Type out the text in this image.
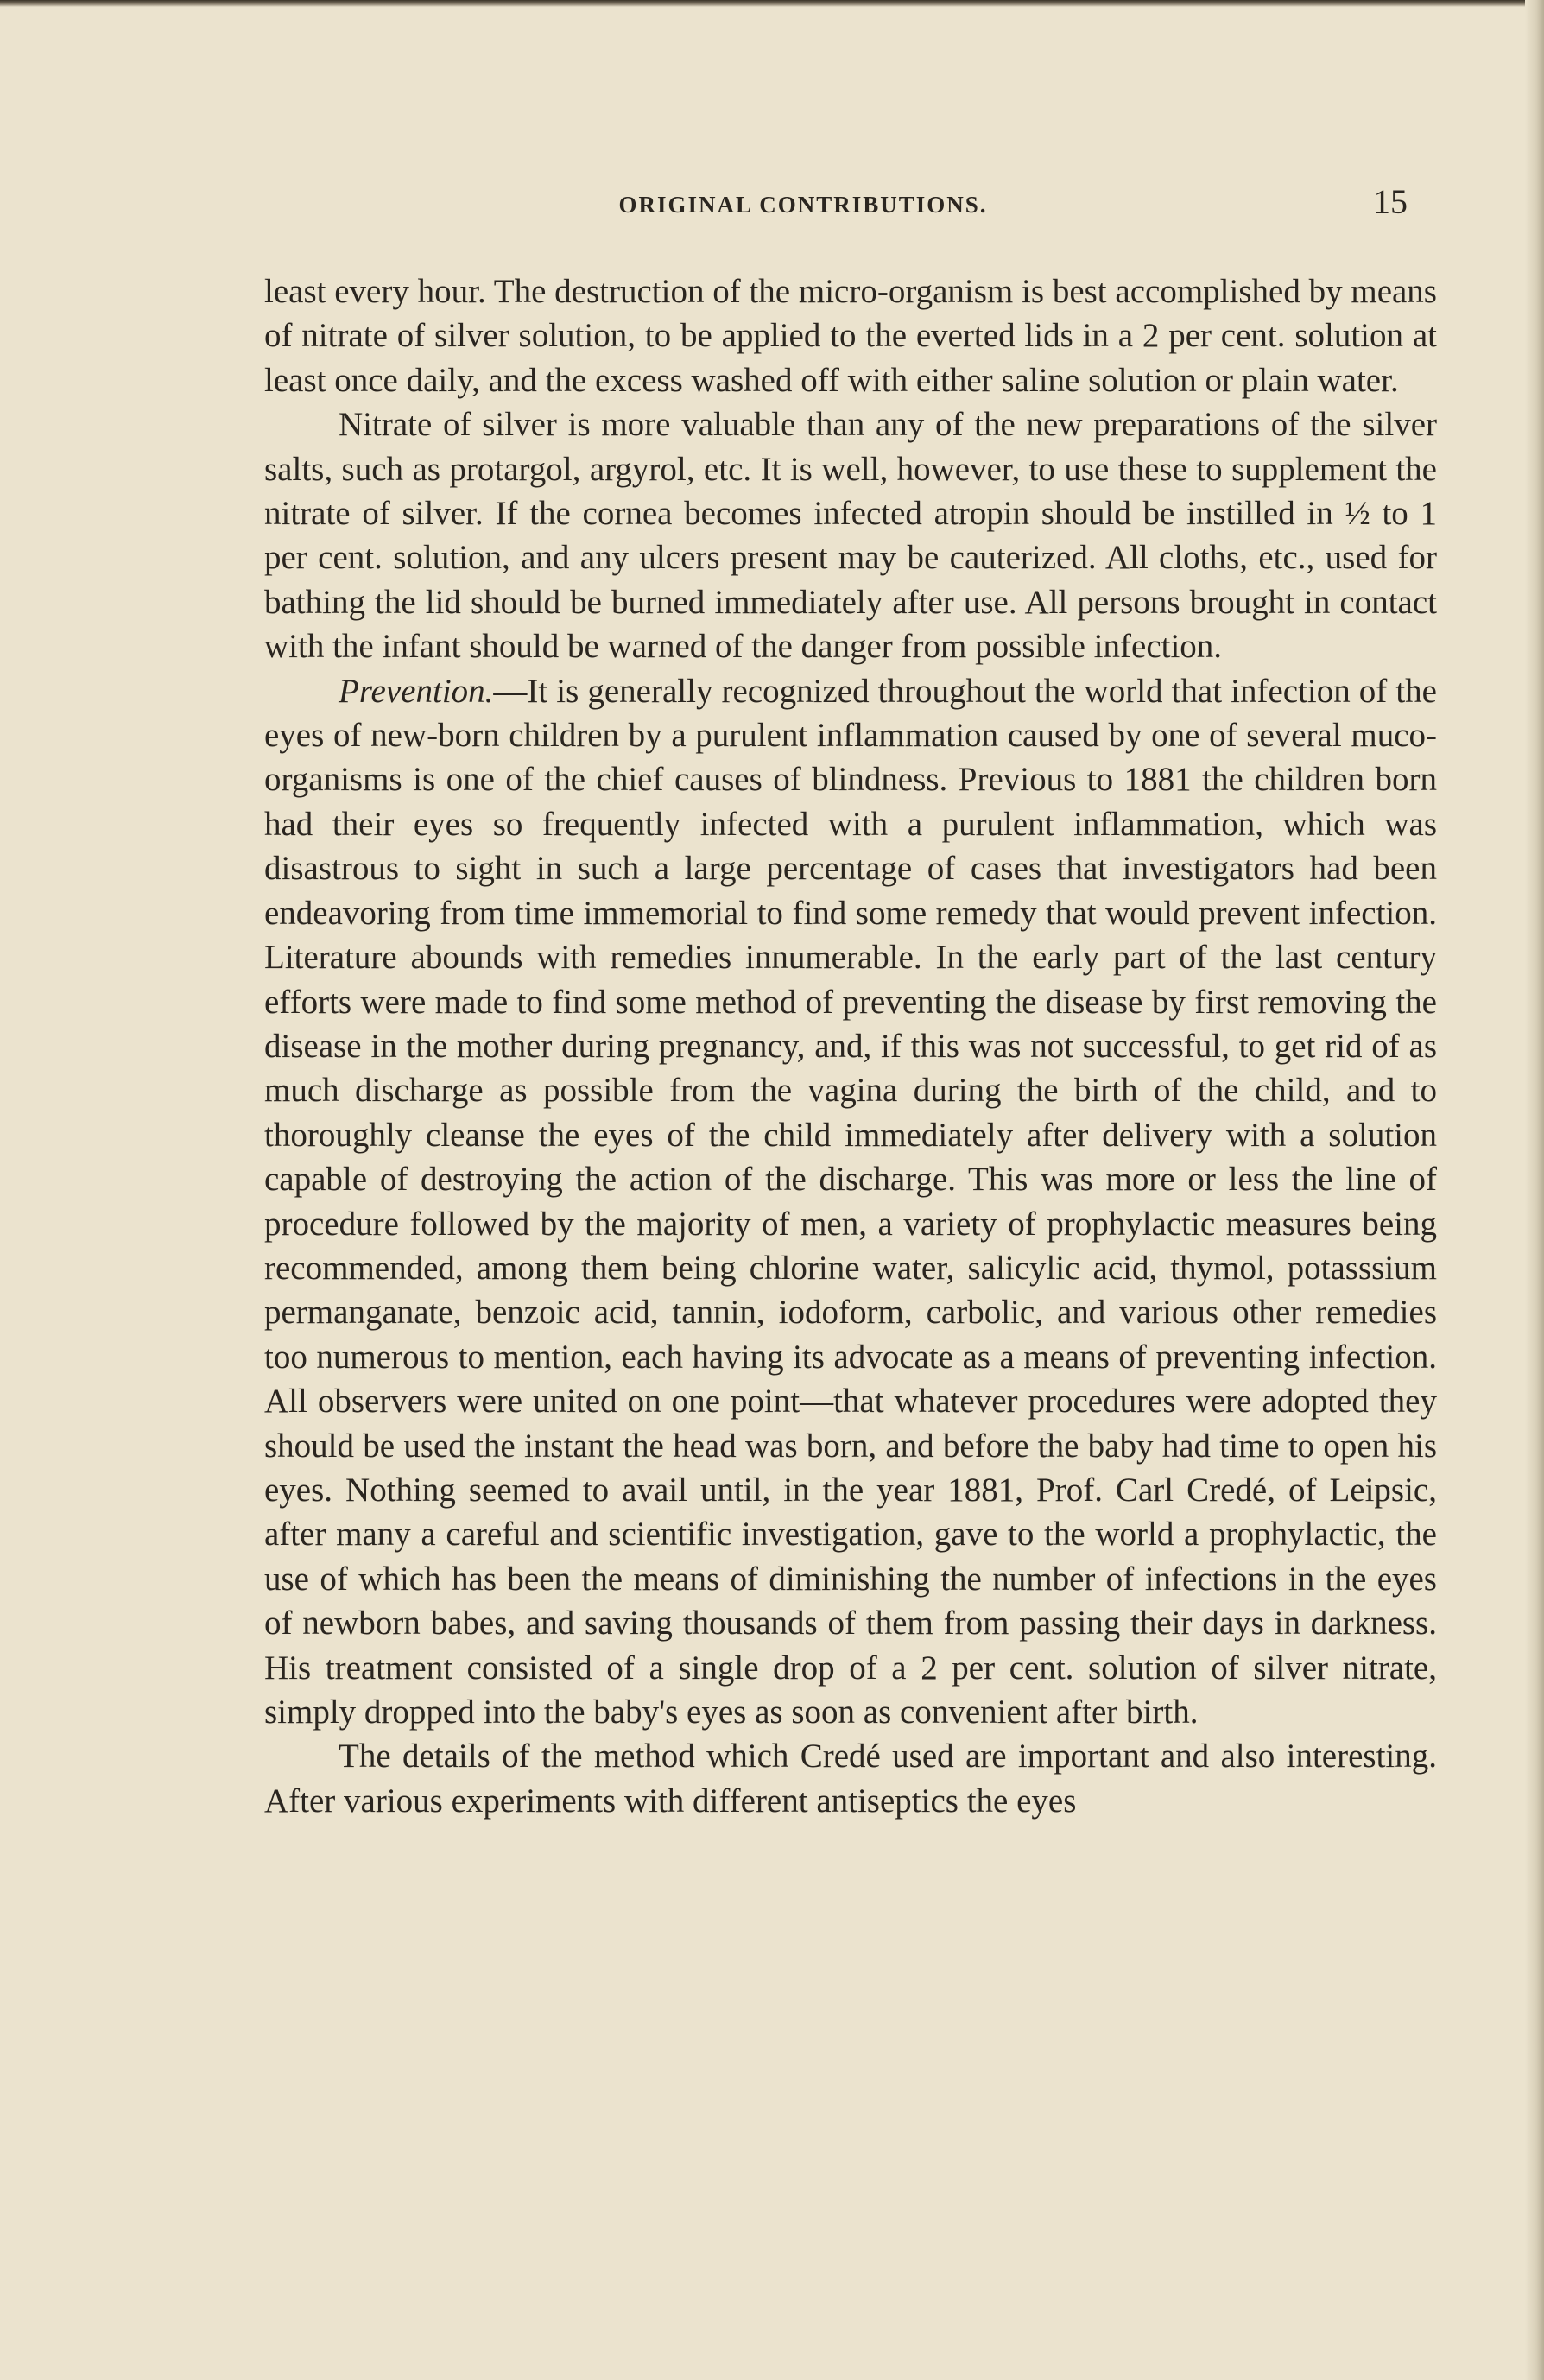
ORIGINAL CONTRIBUTIONS.	15

least every hour. The destruction of the micro-organism is best accomplished by means of nitrate of silver solution, to be applied to the everted lids in a 2 per cent. solution at least once daily, and the excess washed off with either saline solution or plain water.

Nitrate of silver is more valuable than any of the new preparations of the silver salts, such as protargol, argyrol, etc. It is well, however, to use these to supplement the nitrate of silver. If the cornea becomes infected atropin should be instilled in ½ to 1 per cent. solution, and any ulcers present may be cauterized. All cloths, etc., used for bathing the lid should be burned immediately after use. All persons brought in contact with the infant should be warned of the danger from possible infection.

Prevention.—It is generally recognized throughout the world that infection of the eyes of new-born children by a purulent inflammation caused by one of several muco-organisms is one of the chief causes of blindness. Previous to 1881 the children born had their eyes so frequently infected with a purulent inflammation, which was disastrous to sight in such a large percentage of cases that investigators had been endeavoring from time immemorial to find some remedy that would prevent infection. Literature abounds with remedies innumerable. In the early part of the last century efforts were made to find some method of preventing the disease by first removing the disease in the mother during pregnancy, and, if this was not successful, to get rid of as much discharge as possible from the vagina during the birth of the child, and to thoroughly cleanse the eyes of the child immediately after delivery with a solution capable of destroying the action of the discharge. This was more or less the line of procedure followed by the majority of men, a variety of prophylactic measures being recommended, among them being chlorine water, salicylic acid, thymol, potasssium permanganate, benzoic acid, tannin, iodoform, carbolic, and various other remedies too numerous to mention, each having its advocate as a means of preventing infection. All observers were united on one point—that whatever procedures were adopted they should be used the instant the head was born, and before the baby had time to open his eyes. Nothing seemed to avail until, in the year 1881, Prof. Carl Credé, of Leipsic, after many a careful and scientific investigation, gave to the world a prophylactic, the use of which has been the means of diminishing the number of infections in the eyes of newborn babes, and saving thousands of them from passing their days in darkness. His treatment consisted of a single drop of a 2 per cent. solution of silver nitrate, simply dropped into the baby's eyes as soon as convenient after birth.

The details of the method which Credé used are important and also interesting. After various experiments with different antiseptics the eyes
